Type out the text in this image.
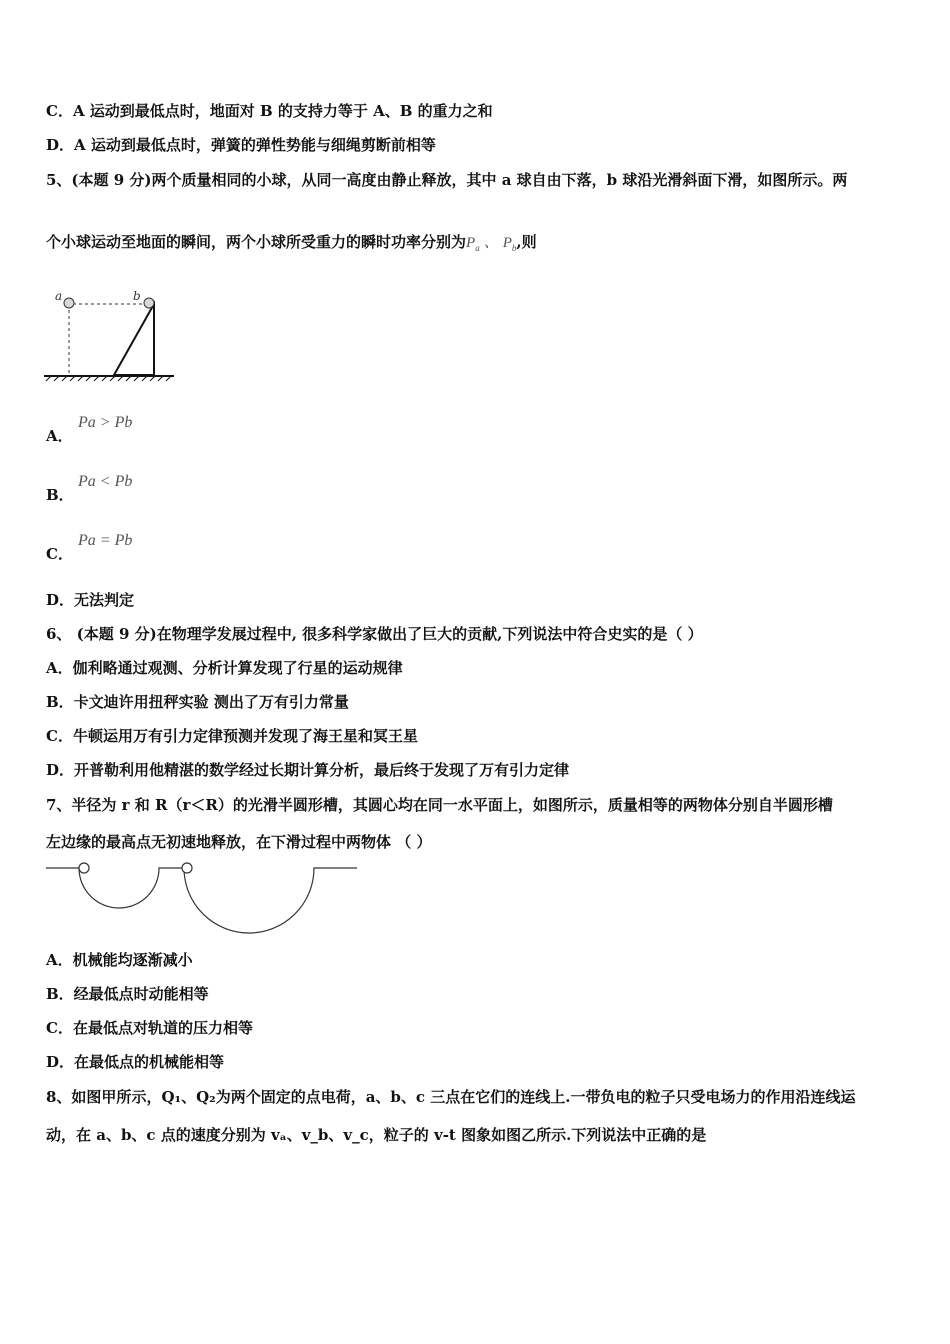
C．A 运动到最低点时，地面对 B 的支持力等于 A、B 的重力之和
D．A 运动到最低点时，弹簧的弹性势能与细绳剪断前相等
5、(本题 9 分)两个质量相同的小球，从同一高度由静止释放，其中 a 球自由下落，b 球沿光滑斜面下滑，如图所示。两
个小球运动至地面的瞬间，两个小球所受重力的瞬时功率分别为$P_a$ 、 $P_b$,则
a	b
A．
Pa > Pb
B．
Pa < Pb
C．
Pa = Pb
D．无法判定
6、 (本题 9 分)在物理学发展过程中, 很多科学家做出了巨大的贡献,下列说法中符合史实的是（ ）
A．伽利略通过观测、分析计算发现了行星的运动规律
B．卡文迪许用扭秤实验 测出了万有引力常量
C．牛顿运用万有引力定律预测并发现了海王星和冥王星
D．开普勒利用他精湛的数学经过长期计算分析，最后终于发现了万有引力定律
7、半径为 r 和 R（r＜R）的光滑半圆形槽，其圆心均在同一水平面上，如图所示，质量相等的两物体分别自半圆形槽
左边缘的最高点无初速地释放，在下滑过程中两物体 （ ）
A．机械能均逐渐减小
B．经最低点时动能相等
C．在最低点对轨道的压力相等
D．在最低点的机械能相等
8、如图甲所示，Q₁、Q₂为两个固定的点电荷，a、b、c 三点在它们的连线上.一带负电的粒子只受电场力的作用沿连线运
动，在 a、b、c 点的速度分别为 vₐ、v_b、v_c，粒子的 v-t 图象如图乙所示.下列说法中正确的是
